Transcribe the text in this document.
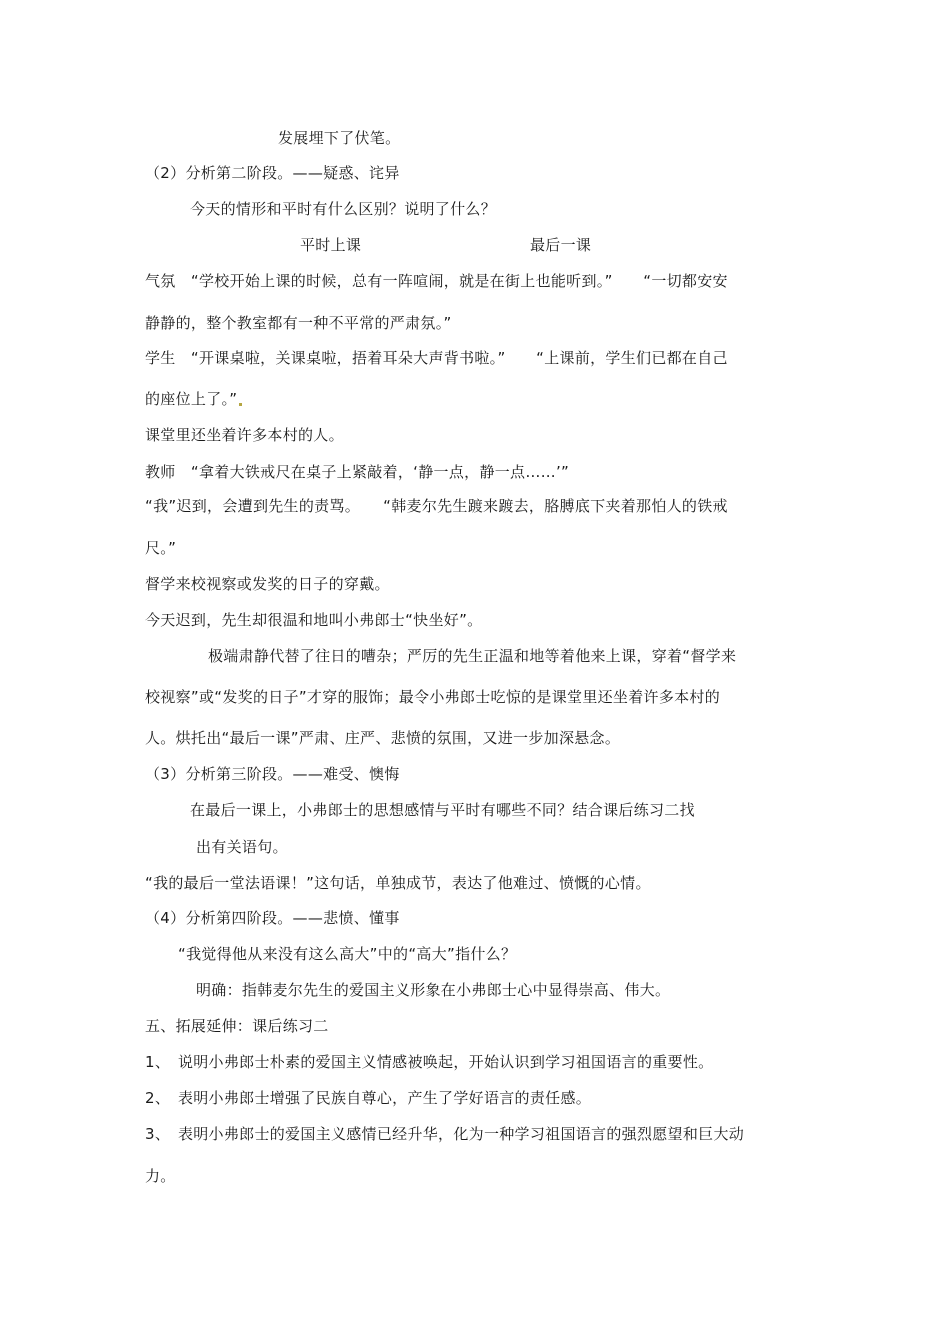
发展埋下了伏笔。
（2）分析第二阶段。——疑惑、诧异
今天的情形和平时有什么区别？说明了什么？
平时上课	最后一课
气氛　“学校开始上课的时候，总有一阵喧闹，就是在街上也能听到。”　　“一切都安安
静静的，整个教室都有一种不平常的严肃氛。”
学生　“开课桌啦，关课桌啦，捂着耳朵大声背书啦。”　　“上课前，学生们已都在自己
的座位上了。”
课堂里还坐着许多本村的人。
教师　“拿着大铁戒尺在桌子上紧敲着，‘静一点，静一点……’”
“我”迟到，会遭到先生的责骂。　　“韩麦尔先生踱来踱去，胳膊底下夹着那怕人的铁戒
尺。”
督学来校视察或发奖的日子的穿戴。
今天迟到，先生却很温和地叫小弗郎士“快坐好”。
极端肃静代替了往日的嘈杂；严厉的先生正温和地等着他来上课，穿着“督学来
校视察”或“发奖的日子”才穿的服饰；最令小弗郎士吃惊的是课堂里还坐着许多本村的
人。烘托出“最后一课”严肃、庄严、悲愤的氛围，又进一步加深悬念。
（3）分析第三阶段。——难受、懊悔
在最后一课上，小弗郎士的思想感情与平时有哪些不同？结合课后练习二找
出有关语句。
“我的最后一堂法语课！”这句话，单独成节，表达了他难过、愤慨的心情。
（4）分析第四阶段。——悲愤、懂事
“我觉得他从来没有这么高大”中的“高大”指什么？
明确：指韩麦尔先生的爱国主义形象在小弗郎士心中显得崇高、伟大。
五、拓展延伸：课后练习二
1、　说明小弗郎士朴素的爱国主义情感被唤起，开始认识到学习祖国语言的重要性。
2、　表明小弗郎士增强了民族自尊心，产生了学好语言的责任感。
3、　表明小弗郎士的爱国主义感情已经升华，化为一种学习祖国语言的强烈愿望和巨大动
力。
